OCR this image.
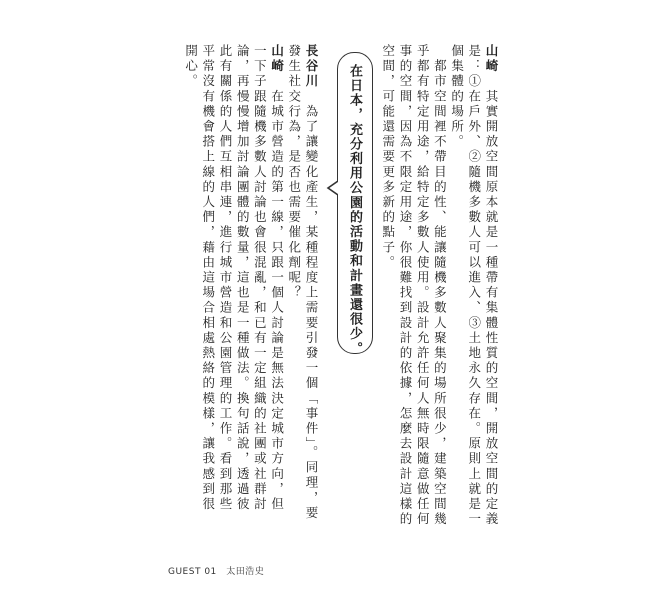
山崎　其實開放空間原本就是一種帶有集體性質的空間，開放空間的定義是：①在戶外、②隨機多數人可以進入、③土地永久存在。原則上就是一個集體的場所。

　都市空間裡不帶目的性、能讓隨機多數人聚集的場所很少，建築空間幾乎都有特定用途，給特定多數人使用。設計允許任何人無時限隨意做任何事的空間，因為不限定用途，你很難找到設計的依據，怎麼去設計這樣的空間，可能還需要更多新的點子。

在日本，充分利用公園的活動和計畫還很少。

長谷川　為了讓變化產生，某種程度上需要引發一個「事件」。同理，要發生社交行為，是否也需要催化劑呢？

山崎　在城市營造的第一線，只跟一個人討論是無法決定城市方向，但一下子跟隨機多數人討論也會很混亂，和已有一定組織的社團或社群討論，再慢慢增加討論團體的數量，這也是一種做法。換句話說，透過彼此有關係的人們互相串連，進行城市營造和公園管理的工作。看到那些平常沒有機會搭上線的人們，藉由這場合相處熱絡的模樣，讓我感到很開心。

GUEST 01　太田浩史
